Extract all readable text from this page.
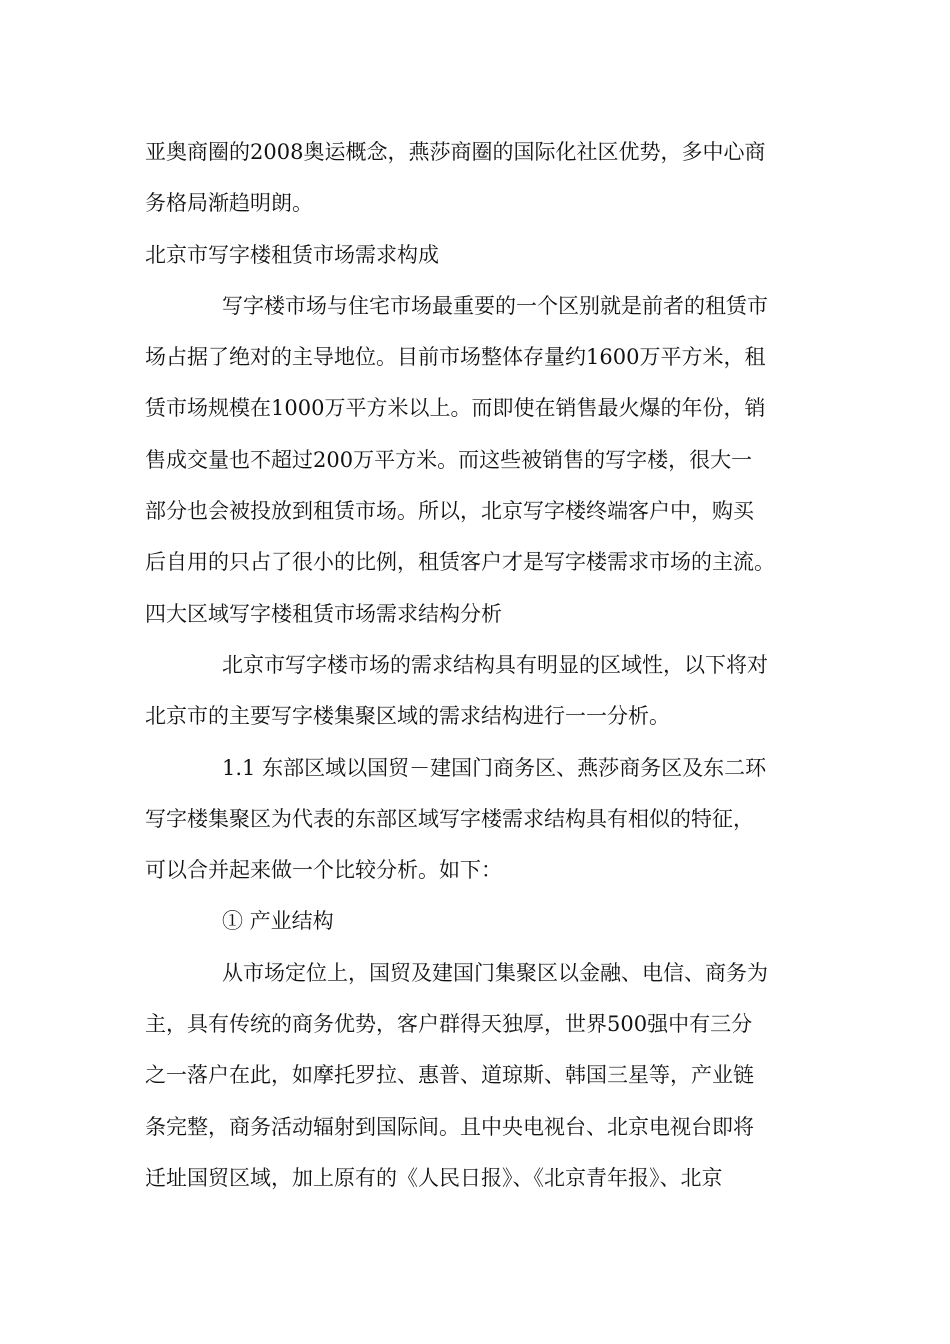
亚奥商圈的2008奥运概念，燕莎商圈的国际化社区优势，多中心商
务格局渐趋明朗。
北京市写字楼租赁市场需求构成
写字楼市场与住宅市场最重要的一个区别就是前者的租赁市
场占据了绝对的主导地位。目前市场整体存量约1600万平方米，租
赁市场规模在1000万平方米以上。而即使在销售最火爆的年份，销
售成交量也不超过200万平方米。而这些被销售的写字楼，很大一
部分也会被投放到租赁市场。所以，北京写字楼终端客户中，购买
后自用的只占了很小的比例，租赁客户才是写字楼需求市场的主流。
四大区域写字楼租赁市场需求结构分析
北京市写字楼市场的需求结构具有明显的区域性，以下将对
北京市的主要写字楼集聚区域的需求结构进行一一分析。
1.1 东部区域以国贸－建国门商务区、燕莎商务区及东二环
写字楼集聚区为代表的东部区域写字楼需求结构具有相似的特征，
可以合并起来做一个比较分析。如下：
① 产业结构
从市场定位上，国贸及建国门集聚区以金融、电信、商务为
主，具有传统的商务优势，客户群得天独厚，世界500强中有三分
之一落户在此，如摩托罗拉、惠普、道琼斯、韩国三星等，产业链
条完整，商务活动辐射到国际间。且中央电视台、北京电视台即将
迁址国贸区域，加上原有的《人民日报》、《北京青年报》、北京
